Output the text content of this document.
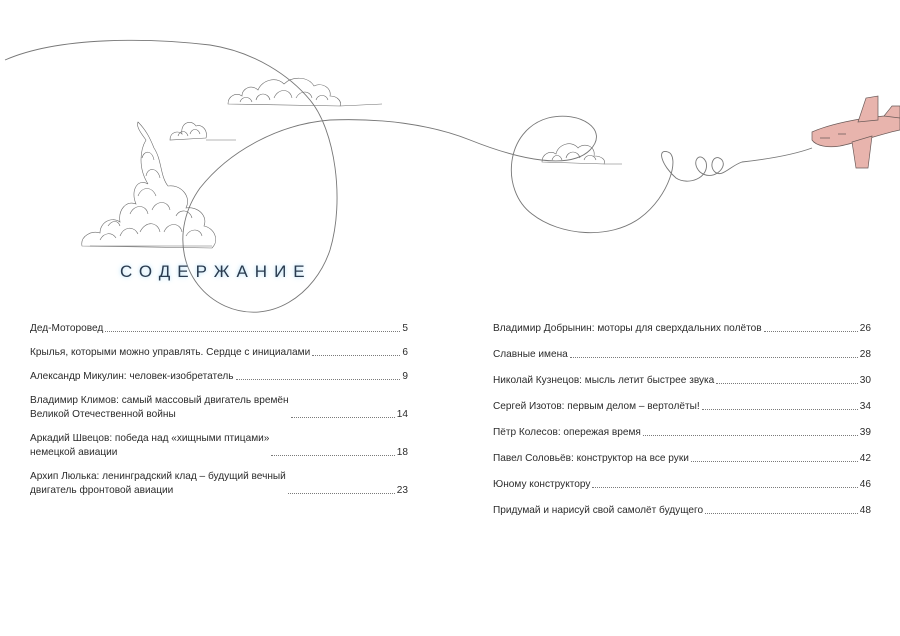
СОДЕРЖАНИЕ
Дед-Моторовед	5
Крылья, которыми можно управлять. Сердце с инициалами	6
Александр Микулин: человек-изобретатель	9
Владимир Климов: самый массовый двигатель времён
Великой Отечественной войны	14
Аркадий Швецов: победа над «хищными птицами»
немецкой авиации	18
Архип Люлька: ленинградский клад – будущий вечный
двигатель фронтовой авиации	23
Владимир Добрынин: моторы для сверхдальних полётов	26
Славные имена	28
Николай Кузнецов: мысль летит быстрее звука	30
Сергей Изотов: первым делом – вертолёты!	34
Пётр Колесов: опережая время	39
Павел Соловьёв: конструктор на все руки	42
Юному конструктору	46
Придумай и нарисуй свой самолёт будущего	48
